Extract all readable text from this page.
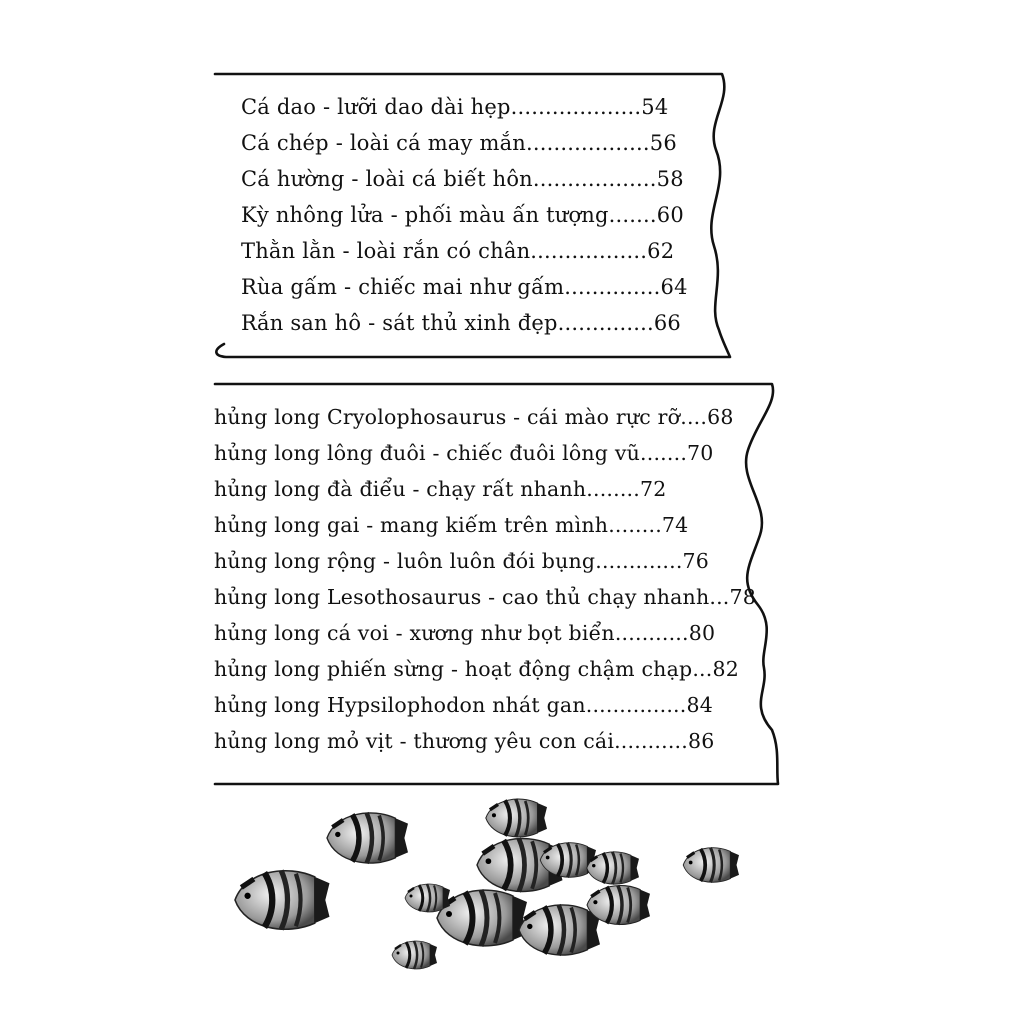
Cá dao - lưỡi dao dài hẹp...................54
Cá chép - loài cá may mắn..................56
Cá hường - loài cá biết hôn..................58
Kỳ nhông lửa - phối màu ấn tượng.......60
Thằn lằn - loài rắn có chân.................62
Rùa gấm - chiếc mai như gấm..............64
Rắn san hô - sát thủ xinh đẹp..............66
hủng long Cryolophosaurus - cái mào rực rỡ....68
hủng long lông đuôi - chiếc đuôi lông vũ.......70
hủng long đà điểu - chạy rất nhanh........72
hủng long gai - mang kiếm trên mình........74
hủng long rộng - luôn luôn đói bụng.............76
hủng long Lesothosaurus - cao thủ chạy nhanh...78
hủng long cá voi - xương như bọt biển...........80
hủng long phiến sừng - hoạt động chậm chạp...82
hủng long Hypsilophodon nhát gan...............84
hủng long mỏ vịt - thương yêu con cái...........86
